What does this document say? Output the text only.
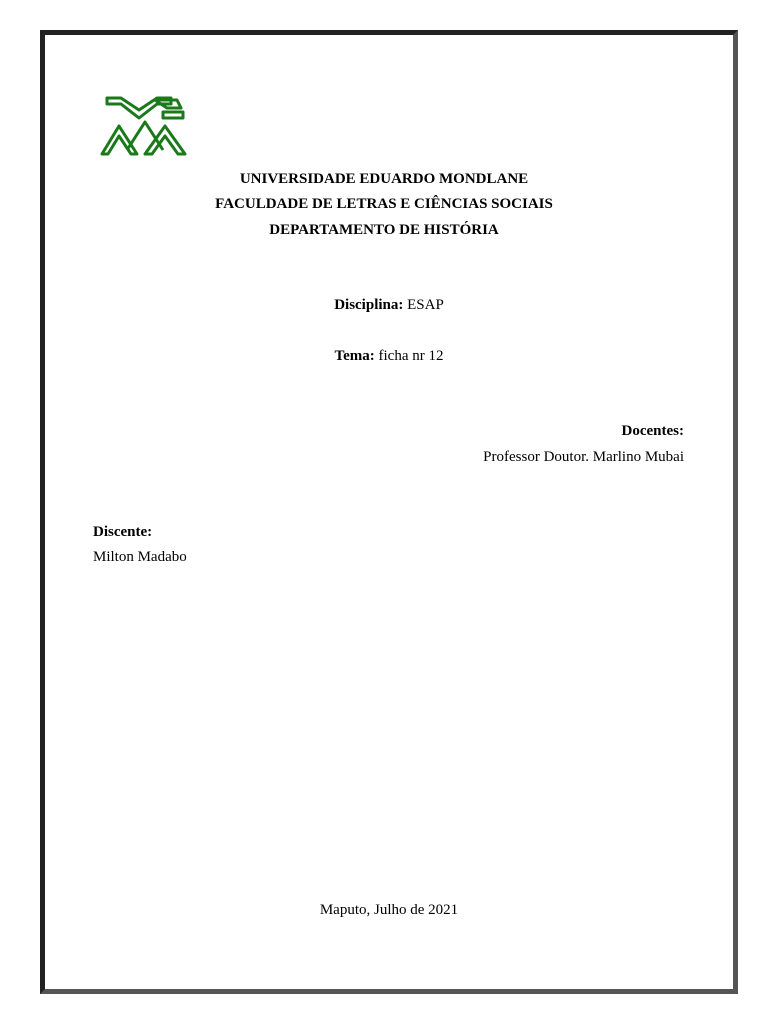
UNIVERSIDADE EDUARDO MONDLANE
FACULDADE DE LETRAS E CIÊNCIAS SOCIAIS
DEPARTAMENTO DE HISTÓRIA
Disciplina: ESAP
Tema: ficha nr 12
Docentes:
Professor Doutor. Marlino Mubai
Discente:
Milton Madabo
Maputo, Julho de 2021
